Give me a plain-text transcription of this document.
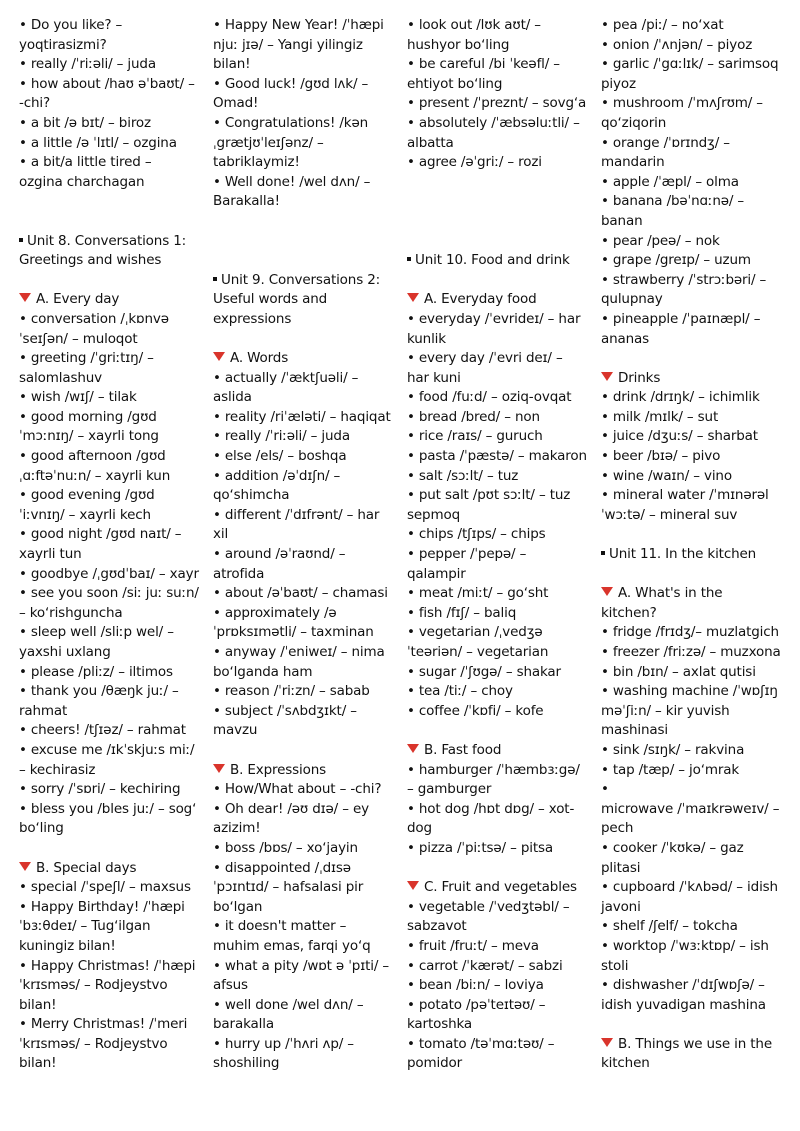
• Do you like? – yoqtirasizmi?
• really /ˈriːəli/ – juda
• how about /haʊ əˈbaʊt/ – -chi?
• a bit /ə bɪt/ – biroz
• a little /ə ˈlɪtl/ – ozgina
• a bit/a little tired – ozgina charchagan
Unit 8. Conversations 1: Greetings and wishes
A. Every day
• conversation /ˌkɒnvəˈseɪʃən/ – muloqot
• greeting /ˈgriːtɪŋ/ – salomlashuv
• wish /wɪʃ/ – tilak
• good morning /gʊd ˈmɔːnɪŋ/ – xayrli tong
• good afternoon /gʊd ˌɑːftəˈnuːn/ – xayrli kun
• good evening /gʊd ˈiːvnɪŋ/ – xayrli kech
• good night /gʊd naɪt/ – xayrli tun
• goodbye /ˌgʊdˈbaɪ/ – xayr
• see you soon /siː juː suːn/ – koʻrishguncha
• sleep well /sliːp wel/ – yaxshi uxlang
• please /pliːz/ – iltimos
• thank you /θæŋk juː/ – rahmat
• cheers! /tʃɪəz/ – rahmat
• excuse me /ɪkˈskjuːs miː/ – kechirasiz
• sorry /ˈsɒri/ – kechiring
• bless you /bles juː/ – sogʻ boʻling
B. Special days
• special /ˈspeʃl/ – maxsus
• Happy Birthday! /ˈhæpi ˈbɜːθdeɪ/ – Tugʻilgan kuningiz bilan!
• Happy Christmas! /ˈhæpi ˈkrɪsməs/ – Rodjeystvo bilan!
• Merry Christmas! /ˈmeri ˈkrɪsməs/ – Rodjeystvo bilan!
• Happy New Year! /ˈhæpi njuː jɪə/ – Yangi yilingiz bilan!
• Good luck! /gʊd lʌk/ – Omad!
• Congratulations! /kənˌgrætjʊˈleɪʃənz/ – tabriklaymiz!
• Well done! /wel dʌn/ – Barakalla!
Unit 9. Conversations 2: Useful words and expressions
A. Words
• actually /ˈæktʃuəli/ – aslida
• reality /riˈæləti/ – haqiqat
• really /ˈriːəli/ – juda
• else /els/ – boshqa
• addition /əˈdɪʃn/ – qoʻshimcha
• different /ˈdɪfrənt/ – har xil
• around /əˈraʊnd/ – atrofida
• about /əˈbaʊt/ – chamasi
• approximately /əˈprɒksɪmətli/ – taxminan
• anyway /ˈeniweɪ/ – nima boʻlganda ham
• reason /ˈriːzn/ – sabab
• subject /ˈsʌbdʒɪkt/ – mavzu
B. Expressions
• How/What about – -chi?
• Oh dear! /əʊ dɪə/ – ey azizim!
• boss /bɒs/ – xoʻjayin
• disappointed /ˌdɪsəˈpɔɪntɪd/ – hafsalasi pir boʻlgan
• it doesn't matter – muhim emas, farqi yoʻq
• what a pity /wɒt ə ˈpɪti/ – afsus
• well done /wel dʌn/ – barakalla
• hurry up /ˈhʌri ʌp/ – shoshiling
• look out /lʊk aʊt/ – hushyor boʻling
• be careful /bi ˈkeəfl/ – ehtiyot boʻling
• present /ˈpreznt/ – sovgʻa
• absolutely /ˈæbsəluːtli/ – albatta
• agree /əˈgriː/ – rozi
Unit 10. Food and drink
A. Everyday food
• everyday /ˈevrideɪ/ – har kunlik
• every day /ˈevri deɪ/ – har kuni
• food /fuːd/ – oziq-ovqat
• bread /bred/ – non
• rice /raɪs/ – guruch
• pasta /ˈpæstə/ – makaron
• salt /sɔːlt/ – tuz
• put salt /pʊt sɔːlt/ – tuz sepmoq
• chips /tʃɪps/ – chips
• pepper /ˈpepə/ – qalampir
• meat /miːt/ – goʻsht
• fish /fɪʃ/ – baliq
• vegetarian /ˌvedʒəˈteəriən/ – vegetarian
• sugar /ˈʃʊgə/ – shakar
• tea /tiː/ – choy
• coffee /ˈkɒfi/ – kofe
B. Fast food
• hamburger /ˈhæmbɜːgə/ – gamburger
• hot dog /hɒt dɒg/ – xot-dog
• pizza /ˈpiːtsə/ – pitsa
C. Fruit and vegetables
• vegetable /ˈvedʒtəbl/ – sabzavot
• fruit /fruːt/ – meva
• carrot /ˈkærət/ – sabzi
• bean /biːn/ – loviya
• potato /pəˈteɪtəʊ/ – kartoshka
• tomato /təˈmɑːtəʊ/ – pomidor
• pea /piː/ – noʻxat
• onion /ˈʌnjən/ – piyoz
• garlic /ˈgɑːlɪk/ – sarimsoq piyoz
• mushroom /ˈmʌʃrʊm/ – qoʻziqorin
• orange /ˈɒrɪndʒ/ – mandarin
• apple /ˈæpl/ – olma
• banana /bəˈnɑːnə/ – banan
• pear /peə/ – nok
• grape /greɪp/ – uzum
• strawberry /ˈstrɔːbəri/ – qulupnay
• pineapple /ˈpaɪnæpl/ – ananas
Drinks
• drink /drɪŋk/ – ichimlik
• milk /mɪlk/ – sut
• juice /dʒuːs/ – sharbat
• beer /bɪə/ – pivo
• wine /waɪn/ – vino
• mineral water /ˈmɪnərəl ˈwɔːtə/ – mineral suv
Unit 11. In the kitchen
A. What's in the kitchen?
• fridge /frɪdʒ/– muzlatgich
• freezer /friːzə/ – muzxona
• bin /bɪn/ – axlat qutisi
• washing machine /ˈwɒʃɪŋ məˈʃiːn/ – kir yuvish mashinasi
• sink /sɪŋk/ – rakvina
• tap /tæp/ – joʻmrak
•
microwave /ˈmaɪkrəweɪv/ – pech
• cooker /ˈkʊkə/ – gaz plitasi
• cupboard /ˈkʌbəd/ – idish javoni
• shelf /ʃelf/ – tokcha
• worktop /ˈwɜːktɒp/ – ish stoli
• dishwasher /ˈdɪʃwɒʃə/ – idish yuvadigan mashina
B. Things we use in the kitchen
